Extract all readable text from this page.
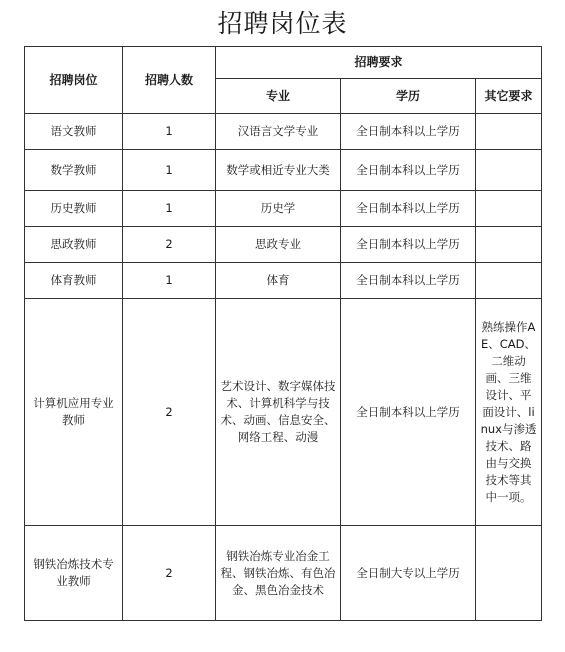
招聘岗位表
招聘岗位	招聘人数	招聘要求		
		专业	学历	其它要求
语文教师	1	汉语言文学专业	全日制本科以上学历	
数学教师	1	数学或相近专业大类	全日制本科以上学历	
历史教师	1	历史学	全日制本科以上学历	
思政教师	2	思政专业	全日制本科以上学历	
体育教师	1	体育	全日制本科以上学历	
计算机应用专业教师	2	艺术设计、数字媒体技术、计算机科学与技术、动画、信息安全、网络工程、动漫	全日制本科以上学历	熟练操作AE、CAD、二维动画、三维设计、平面设计、linux与渗透技术、路由与交换技术等其中一项。
钢铁冶炼技术专业教师	2	钢铁冶炼专业冶金工程、钢铁冶炼、有色冶金、黑色冶金技术	全日制大专以上学历	
